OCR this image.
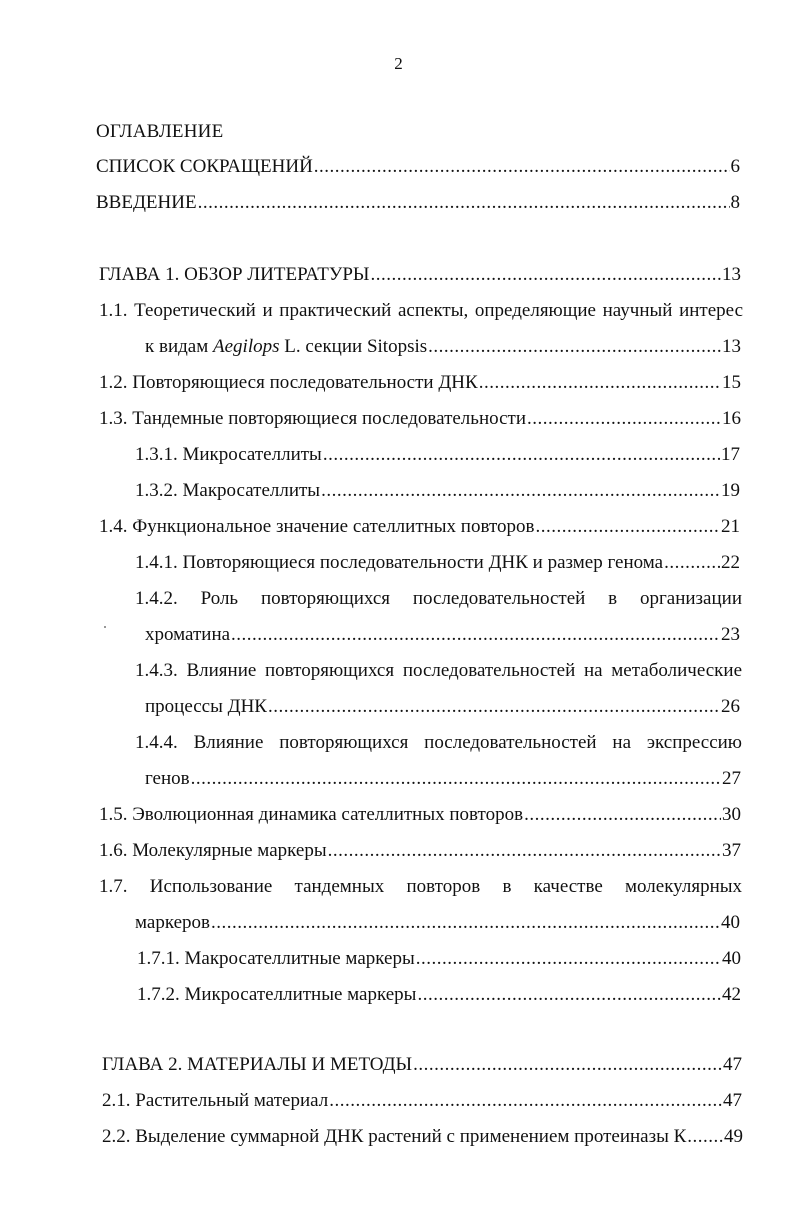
2
ОГЛАВЛЕНИЕ
СПИСОК СОКРАЩЕНИЙ .....	6
ВВЕДЕНИЕ .....	8
ГЛАВА 1. ОБЗОР ЛИТЕРАТУРЫ .....	13
1.1. Теоретический и практический аспекты, определяющие научный интерес
к видам Aegilops L. секции Sitopsis .....	13
1.2. Повторяющиеся последовательности ДНК .....	15
1.3. Тандемные повторяющиеся последовательности .....	16
1.3.1. Микросателлиты .....	17
1.3.2. Макросателлиты .....	19
1.4. Функциональное значение сателлитных повторов .....	21
1.4.1. Повторяющиеся последовательности ДНК и размер генома .....	22
1.4.2. Роль повторяющихся последовательностей в организации
хроматина .....	23
1.4.3. Влияние повторяющихся последовательностей на метаболические
процессы ДНК .....	26
1.4.4. Влияние повторяющихся последовательностей на экспрессию
генов .....	27
1.5. Эволюционная динамика сателлитных повторов .....	30
1.6. Молекулярные маркеры .....	37
1.7. Использование тандемных повторов в качестве молекулярных
маркеров .....	40
1.7.1. Макросателлитные маркеры .....	40
1.7.2. Микросателлитные маркеры .....	42
ГЛАВА 2. МАТЕРИАЛЫ И МЕТОДЫ .....	47
2.1. Растительный материал .....	47
2.2. Выделение суммарной ДНК растений с применением протеиназы К ..... 49
